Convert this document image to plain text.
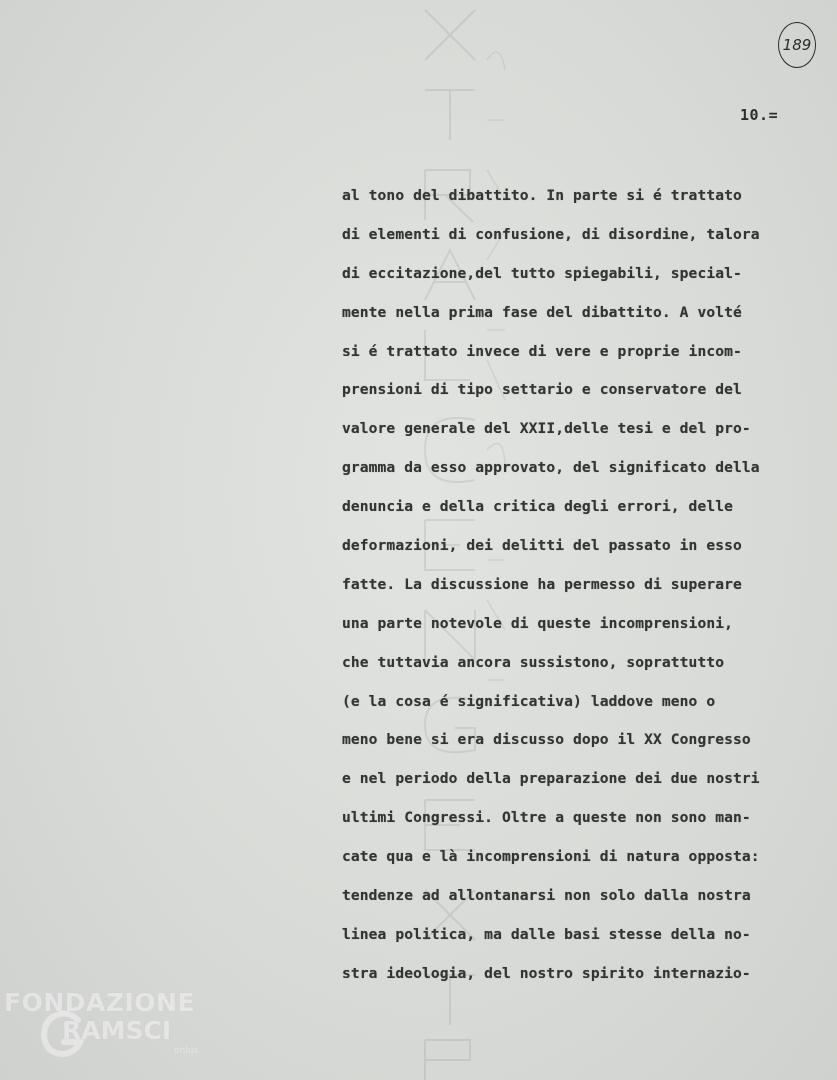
189
10.=
al tono del dibattito. In parte si é trattato
di elementi di confusione, di disordine, talora
di eccitazione,del tutto spiegabili, special-
mente nella prima fase del dibattito. A volté
si é trattato invece di vere e proprie incom-
prensioni di tipo settario e conservatore del
valore generale del XXII,delle tesi e del pro-
gramma da esso approvato, del significato della
denuncia e della critica degli errori, delle
deformazioni, dei delitti del passato in esso
fatte. La discussione ha permesso di superare
una parte notevole di queste incomprensioni,
che tuttavia ancora sussistono, soprattutto
(e la cosa é significativa) laddove meno o
meno bene si era discusso dopo il XX Congresso
e nel periodo della preparazione dei due nostri
ultimi Congressi. Oltre a queste non sono man-
cate qua e là incomprensioni di natura opposta:
tendenze ad allontanarsi non solo dalla nostra
linea politica, ma dalle basi stesse della no-
stra ideologia, del nostro spirito internazio-
FONDAZIONE
RAMSCI
onlus
